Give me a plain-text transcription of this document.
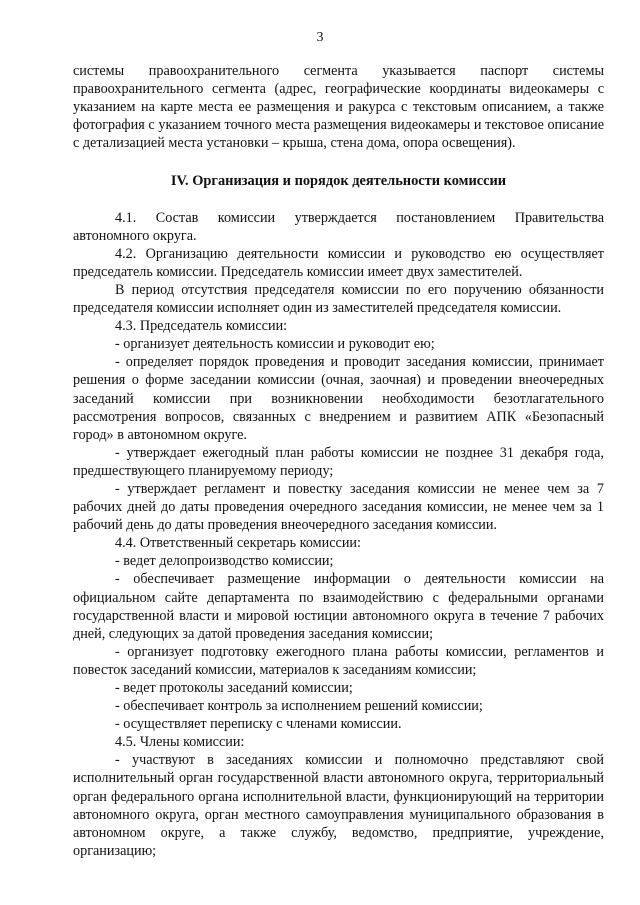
3

системы правоохранительного сегмента указывается паспорт системы правоохранительного сегмента (адрес, географические координаты видеокамеры с указанием на карте места ее размещения и ракурса с текстовым описанием, а также фотография с указанием точного места размещения видеокамеры и текстовое описание с детализацией места установки – крыша, стена дома, опора освещения).

IV. Организация и порядок деятельности комиссии

4.1. Состав комиссии утверждается постановлением Правительства автономного округа.

4.2. Организацию деятельности комиссии и руководство ею осуществляет председатель комиссии. Председатель комиссии имеет двух заместителей.

В период отсутствия председателя комиссии по его поручению обязанности председателя комиссии исполняет один из заместителей председателя комиссии.

4.3. Председатель комиссии:

- организует деятельность комиссии и руководит ею;

- определяет порядок проведения и проводит заседания комиссии, принимает решения о форме заседании комиссии (очная, заочная) и проведении внеочередных заседаний комиссии при возникновении необходимости безотлагательного рассмотрения вопросов, связанных с внедрением и развитием АПК «Безопасный город» в автономном округе.

- утверждает ежегодный план работы комиссии не позднее 31 декабря года, предшествующего планируемому периоду;

- утверждает регламент и повестку заседания комиссии не менее чем за 7 рабочих дней до даты проведения очередного заседания комиссии, не менее чем за 1 рабочий день до даты проведения внеочередного заседания комиссии.

4.4. Ответственный секретарь комиссии:

- ведет делопроизводство комиссии;

- обеспечивает размещение информации о деятельности комиссии на официальном сайте департамента по взаимодействию с федеральными органами государственной власти и мировой юстиции автономного округа в течение 7 рабочих дней, следующих за датой проведения заседания комиссии;

- организует подготовку ежегодного плана работы комиссии, регламентов и повесток заседаний комиссии, материалов к заседаниям комиссии;

- ведет протоколы заседаний комиссии;

- обеспечивает контроль за исполнением решений комиссии;

- осуществляет переписку с членами комиссии.

4.5. Члены комиссии:

- участвуют в заседаниях комиссии и полномочно представляют свой исполнительный орган государственной власти автономного округа, территориальный орган федерального органа исполнительной власти, функционирующий на территории автономного округа, орган местного самоуправления муниципального образования в автономном округе, а также службу, ведомство, предприятие, учреждение, организацию;
